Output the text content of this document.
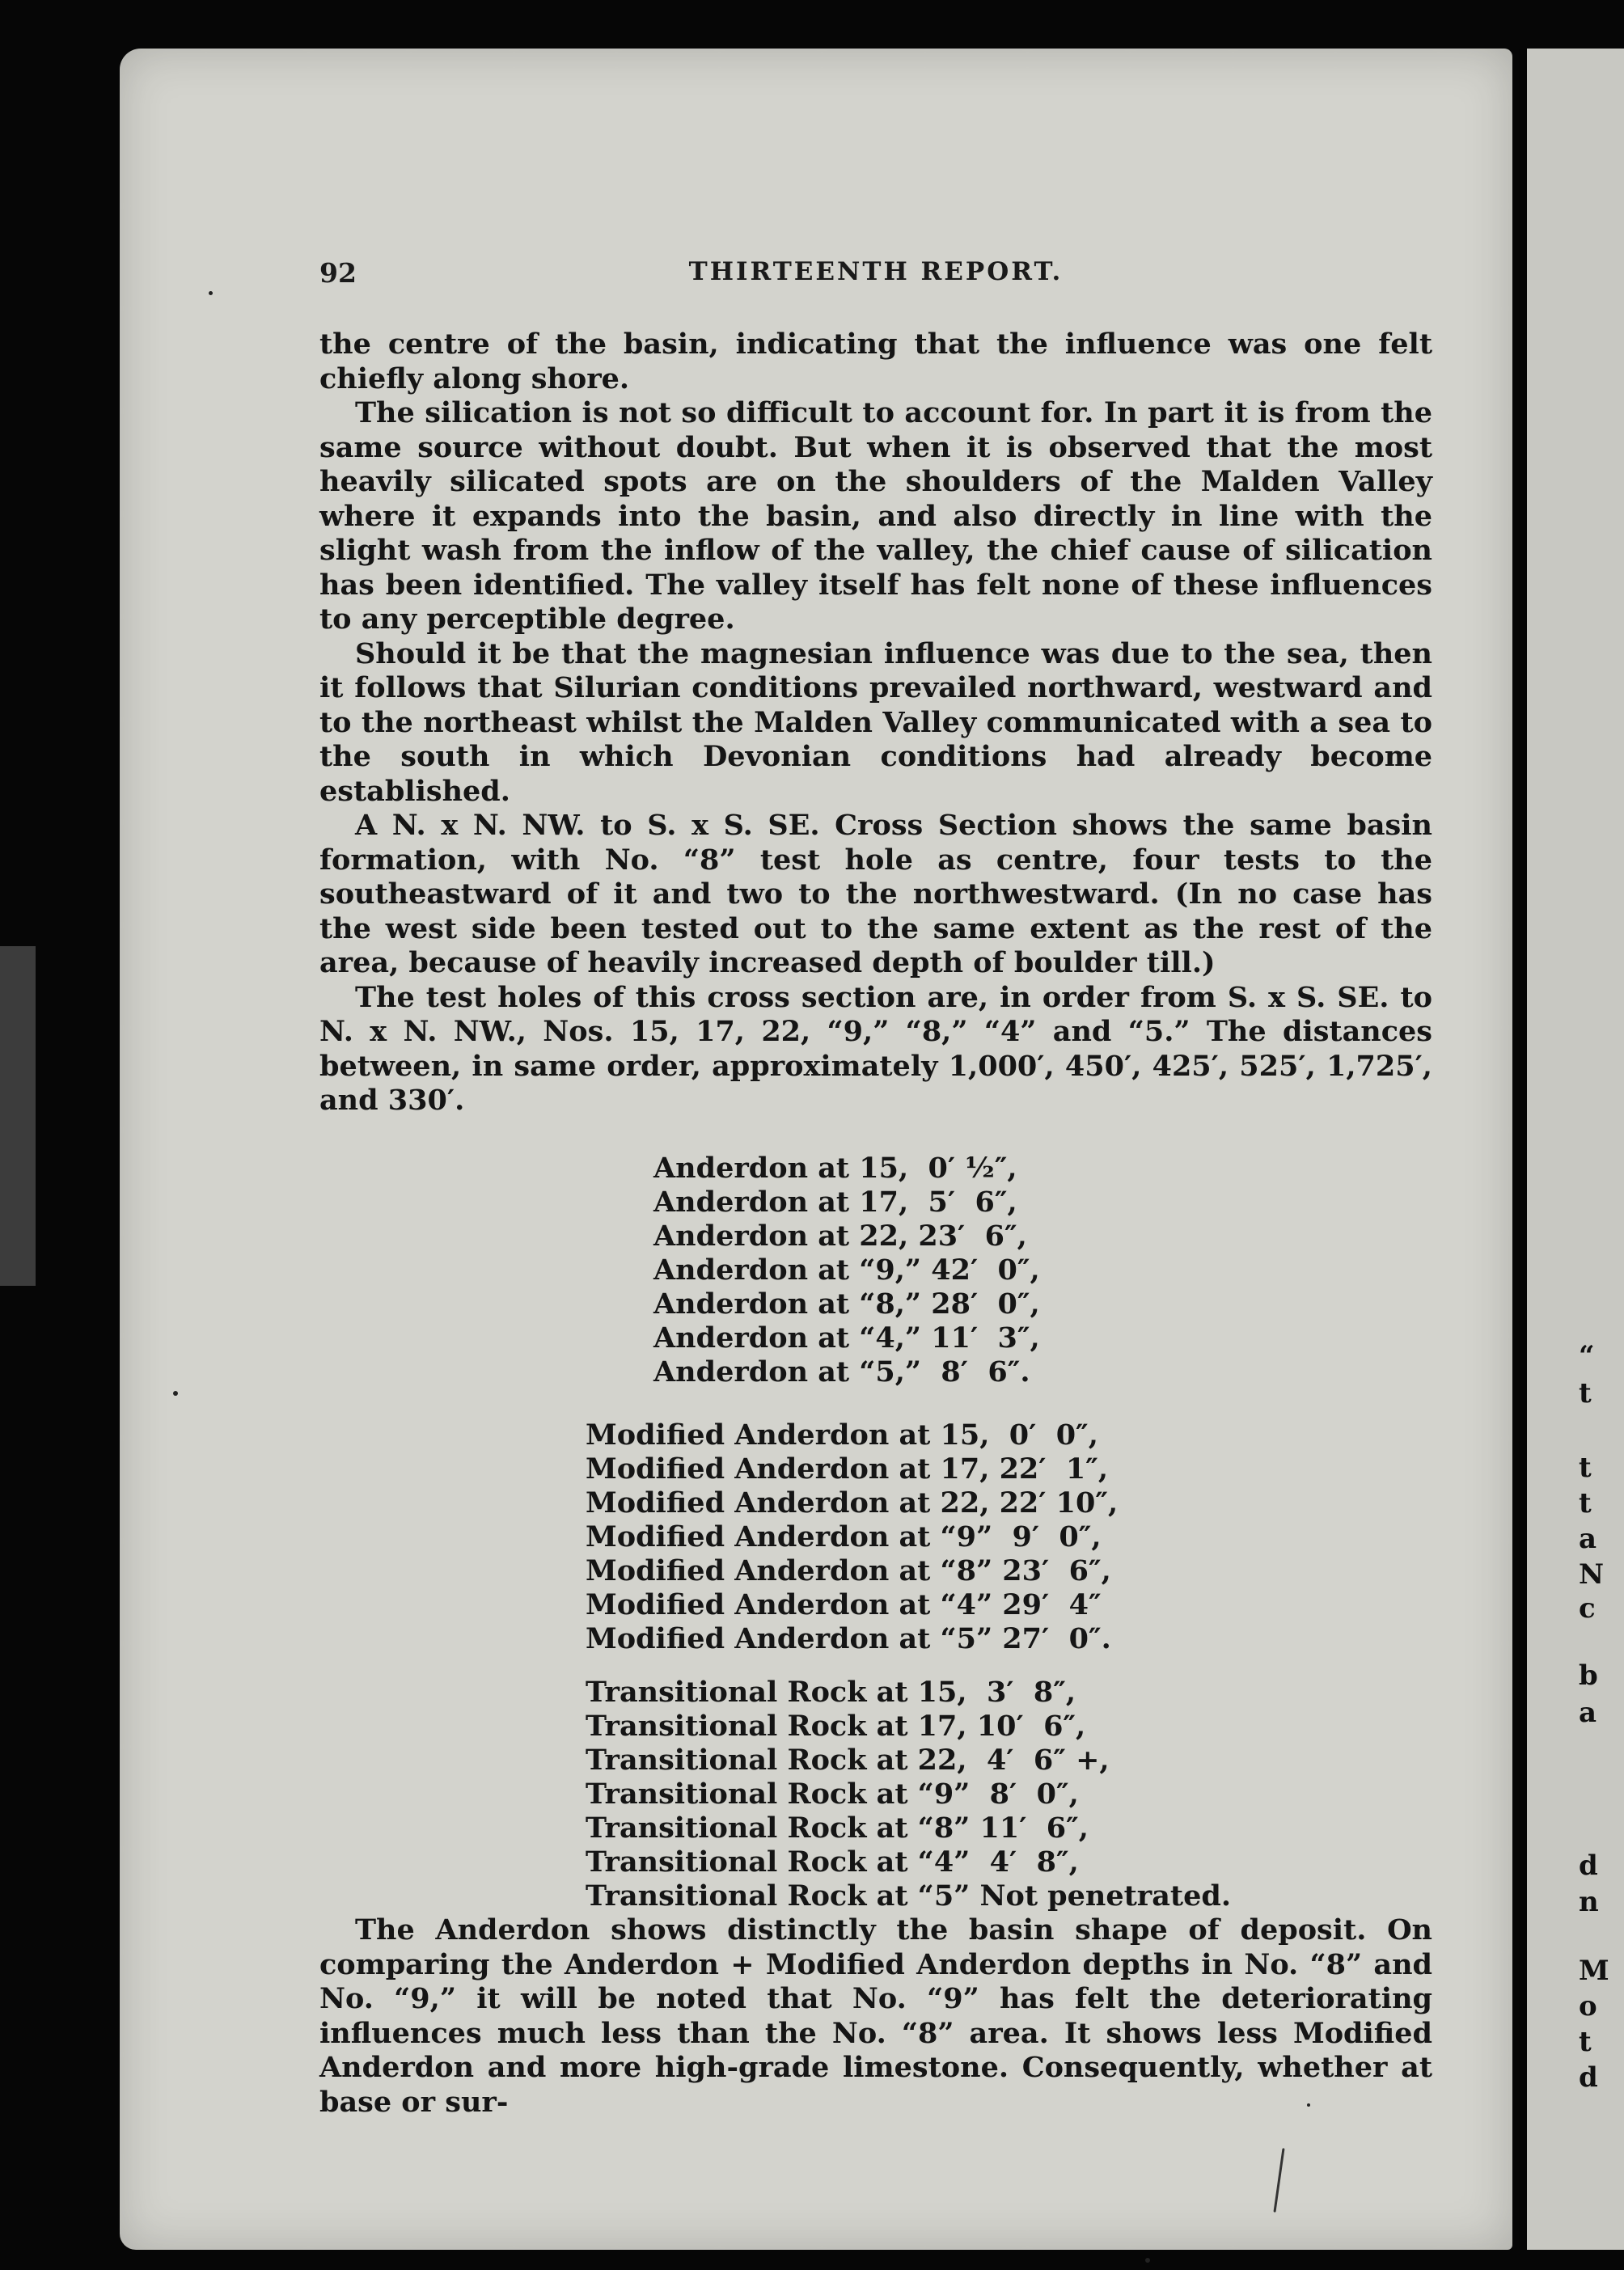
“
t
t
t
a
N
c
b
a
d
n
M
o
t
d
92	THIRTEENTH REPORT.

the centre of the basin, indicating that the influence was one felt chiefly along shore.

The silication is not so difficult to account for. In part it is from the same source without doubt. But when it is observed that the most heavily silicated spots are on the shoulders of the Malden Valley where it expands into the basin, and also directly in line with the slight wash from the inflow of the valley, the chief cause of silication has been identified. The valley itself has felt none of these influences to any perceptible degree.

Should it be that the magnesian influence was due to the sea, then it follows that Silurian conditions prevailed northward, westward and to the northeast whilst the Malden Valley communicated with a sea to the south in which Devonian conditions had already become established.

A N. x N. NW. to S. x S. SE. Cross Section shows the same basin formation, with No. “8” test hole as centre, four tests to the southeastward of it and two to the northwestward. (In no case has the west side been tested out to the same extent as the rest of the area, because of heavily increased depth of boulder till.)

The test holes of this cross section are, in order from S. x S. SE. to N. x N. NW., Nos. 15, 17, 22, “9,” “8,” “4” and “5.” The distances between, in same order, approximately 1,000′, 450′, 425′, 525′, 1,725′, and 330′.

Anderdon at 15,  0′ ½″,
Anderdon at 17,  5′  6″,
Anderdon at 22, 23′  6″,
Anderdon at “9,” 42′  0″,
Anderdon at “8,” 28′  0″,
Anderdon at “4,” 11′  3″,
Anderdon at “5,”  8′  6″.

Modified Anderdon at 15,  0′  0″,
Modified Anderdon at 17, 22′  1″,
Modified Anderdon at 22, 22′ 10″,
Modified Anderdon at “9”  9′  0″,
Modified Anderdon at “8” 23′  6″,
Modified Anderdon at “4” 29′  4″
Modified Anderdon at “5” 27′  0″.

Transitional Rock at 15,  3′  8″,
Transitional Rock at 17, 10′  6″,
Transitional Rock at 22,  4′  6″ +,
Transitional Rock at “9”  8′  0″,
Transitional Rock at “8” 11′  6″,
Transitional Rock at “4”  4′  8″,
Transitional Rock at “5” Not penetrated.

The Anderdon shows distinctly the basin shape of deposit. On comparing the Anderdon + Modified Anderdon depths in No. “8” and No. “9,” it will be noted that No. “9” has felt the deteriorating influences much less than the No. “8” area. It shows less Modified Anderdon and more high-grade limestone. Consequently, whether at base or sur-
